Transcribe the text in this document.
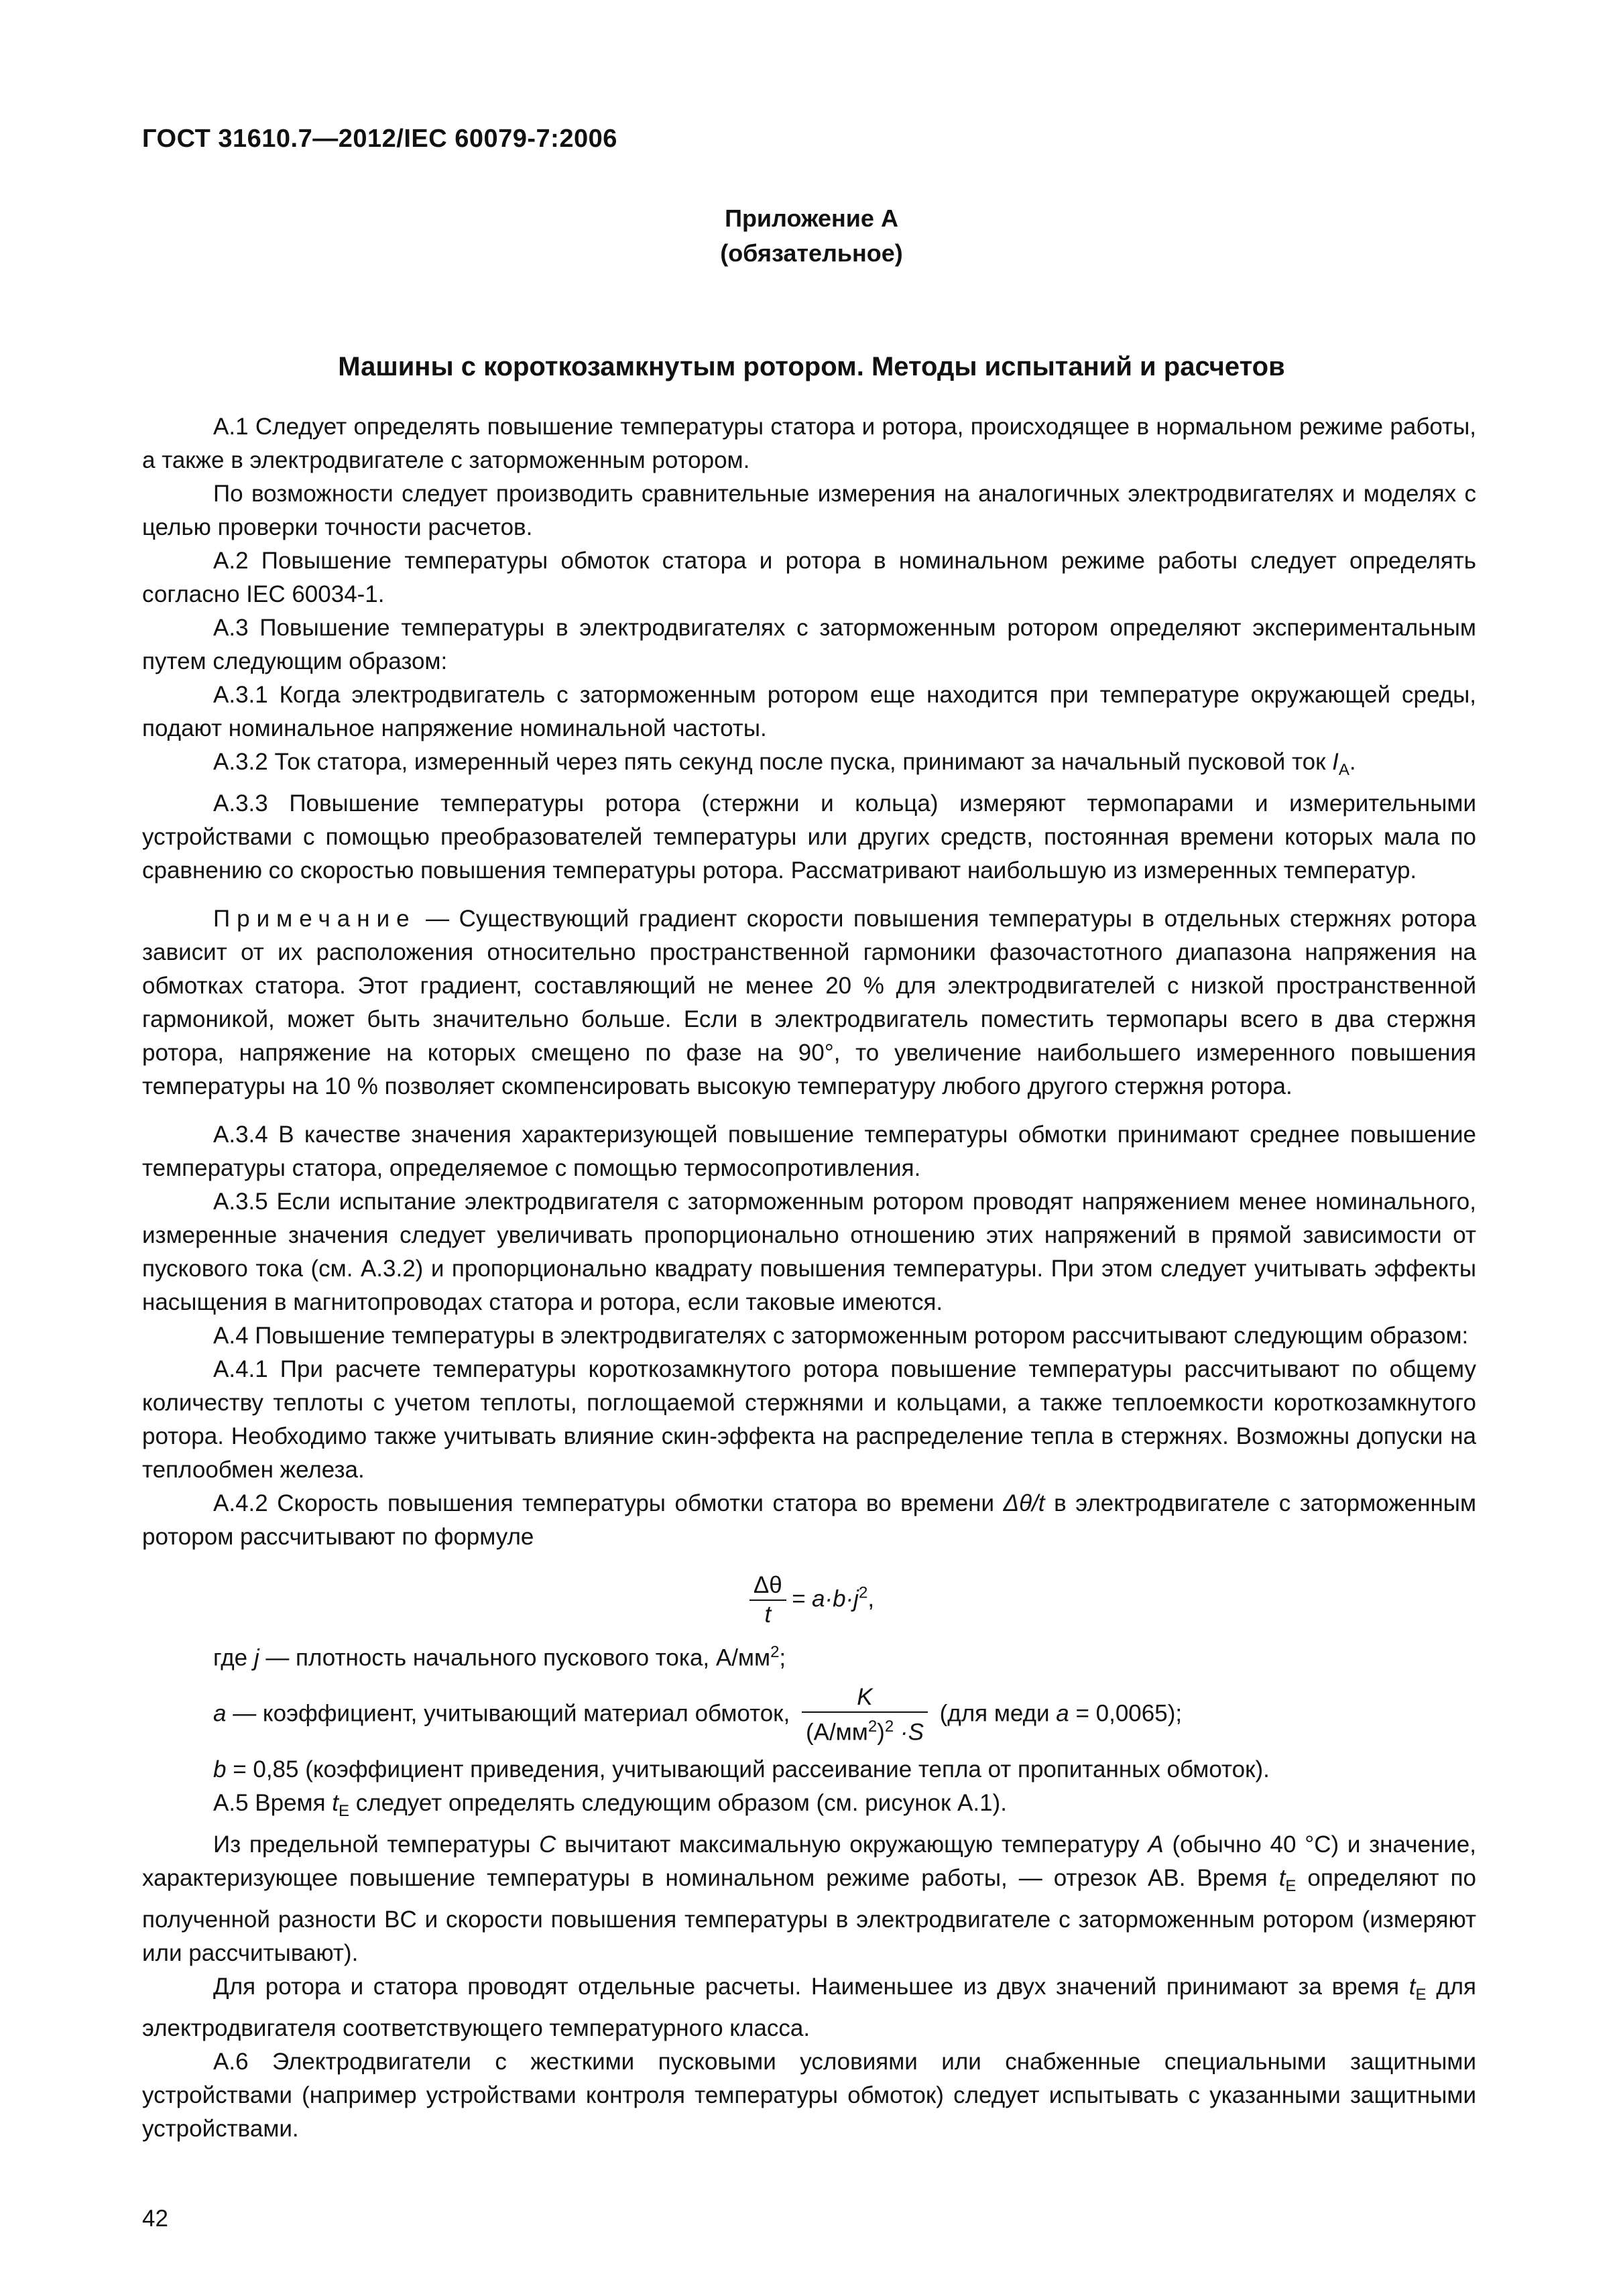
ГОСТ 31610.7—2012/IEC 60079-7:2006
Приложение А
(обязательное)
Машины с короткозамкнутым ротором. Методы испытаний и расчетов

А.1 Следует определять повышение температуры статора и ротора, происходящее в нормальном режиме работы, а также в электродвигателе с заторможенным ротором.

По возможности следует производить сравнительные измерения на аналогичных электродвигателях и моделях с целью проверки точности расчетов.

А.2 Повышение температуры обмоток статора и ротора в номинальном режиме работы следует определять согласно IEC 60034-1.

А.3 Повышение температуры в электродвигателях с заторможенным ротором определяют экспериментальным путем следующим образом:

А.3.1 Когда электродвигатель с заторможенным ротором еще находится при температуре окружающей среды, подают номинальное напряжение номинальной частоты.

А.3.2 Ток статора, измеренный через пять секунд после пуска, принимают за начальный пусковой ток $I_A$.

А.3.3 Повышение температуры ротора (стержни и кольца) измеряют термопарами и измерительными устройствами с помощью преобразователей температуры или других средств, постоянная времени которых мала по сравнению со скоростью повышения температуры ротора. Рассматривают наибольшую из измеренных температур.

Примечание — Существующий градиент скорости повышения температуры в отдельных стержнях ротора зависит от их расположения относительно пространственной гармоники фазочастотного диапазона напряжения на обмотках статора. Этот градиент, составляющий не менее 20 % для электродвигателей с низкой пространственной гармоникой, может быть значительно больше. Если в электродвигатель поместить термопары всего в два стержня ротора, напряжение на которых смещено по фазе на 90°, то увеличение наибольшего измеренного повышения температуры на 10 % позволяет скомпенсировать высокую температуру любого другого стержня ротора.

А.3.4 В качестве значения характеризующей повышение температуры обмотки принимают среднее повышение температуры статора, определяемое с помощью термосопротивления.

А.3.5 Если испытание электродвигателя с заторможенным ротором проводят напряжением менее номинального, измеренные значения следует увеличивать пропорционально отношению этих напряжений в прямой зависимости от пускового тока (см. А.3.2) и пропорционально квадрату повышения температуры. При этом следует учитывать эффекты насыщения в магнитопроводах статора и ротора, если таковые имеются.

А.4 Повышение температуры в электродвигателях с заторможенным ротором рассчитывают следующим образом:

А.4.1 При расчете температуры короткозамкнутого ротора повышение температуры рассчитывают по общему количеству теплоты с учетом теплоты, поглощаемой стержнями и кольцами, а также теплоемкости короткозамкнутого ротора. Необходимо также учитывать влияние скин-эффекта на распределение тепла в стержнях. Возможны допуски на теплообмен железа.

А.4.2 Скорость повышения температуры обмотки статора во времени Δθ/t в электродвигателе с заторможенным ротором рассчитывают по формуле

$\frac{\Delta\theta}{t} = a\cdot b\cdot j^2$,

где j — плотность начального пускового тока, $А/мм^2$;

a — коэффициент, учитывающий материал обмоток, $\frac{K}{(А/мм^2)^2 \cdot S} (для$ меди a = 0,0065);

b = 0,85 (коэффициент приведения, учитывающий рассеивание тепла от пропитанных обмоток).

А.5 Время $t_E$ следует определять следующим образом (см. рисунок А.1).

Из предельной температуры C вычитают максимальную окружающую температуру A (обычно 40 °С) и значение, характеризующее повышение температуры в номинальном режиме работы, — отрезок AB. Время $t_E$ определяют по полученной разности BC и скорости повышения температуры в электродвигателе с заторможенным ротором (измеряют или рассчитывают).

Для ротора и статора проводят отдельные расчеты. Наименьшее из двух значений принимают за время $t_E$ для электродвигателя соответствующего температурного класса.

А.6 Электродвигатели с жесткими пусковыми условиями или снабженные специальными защитными устройствами (например устройствами контроля температуры обмоток) следует испытывать с указанными защитными устройствами.

42
